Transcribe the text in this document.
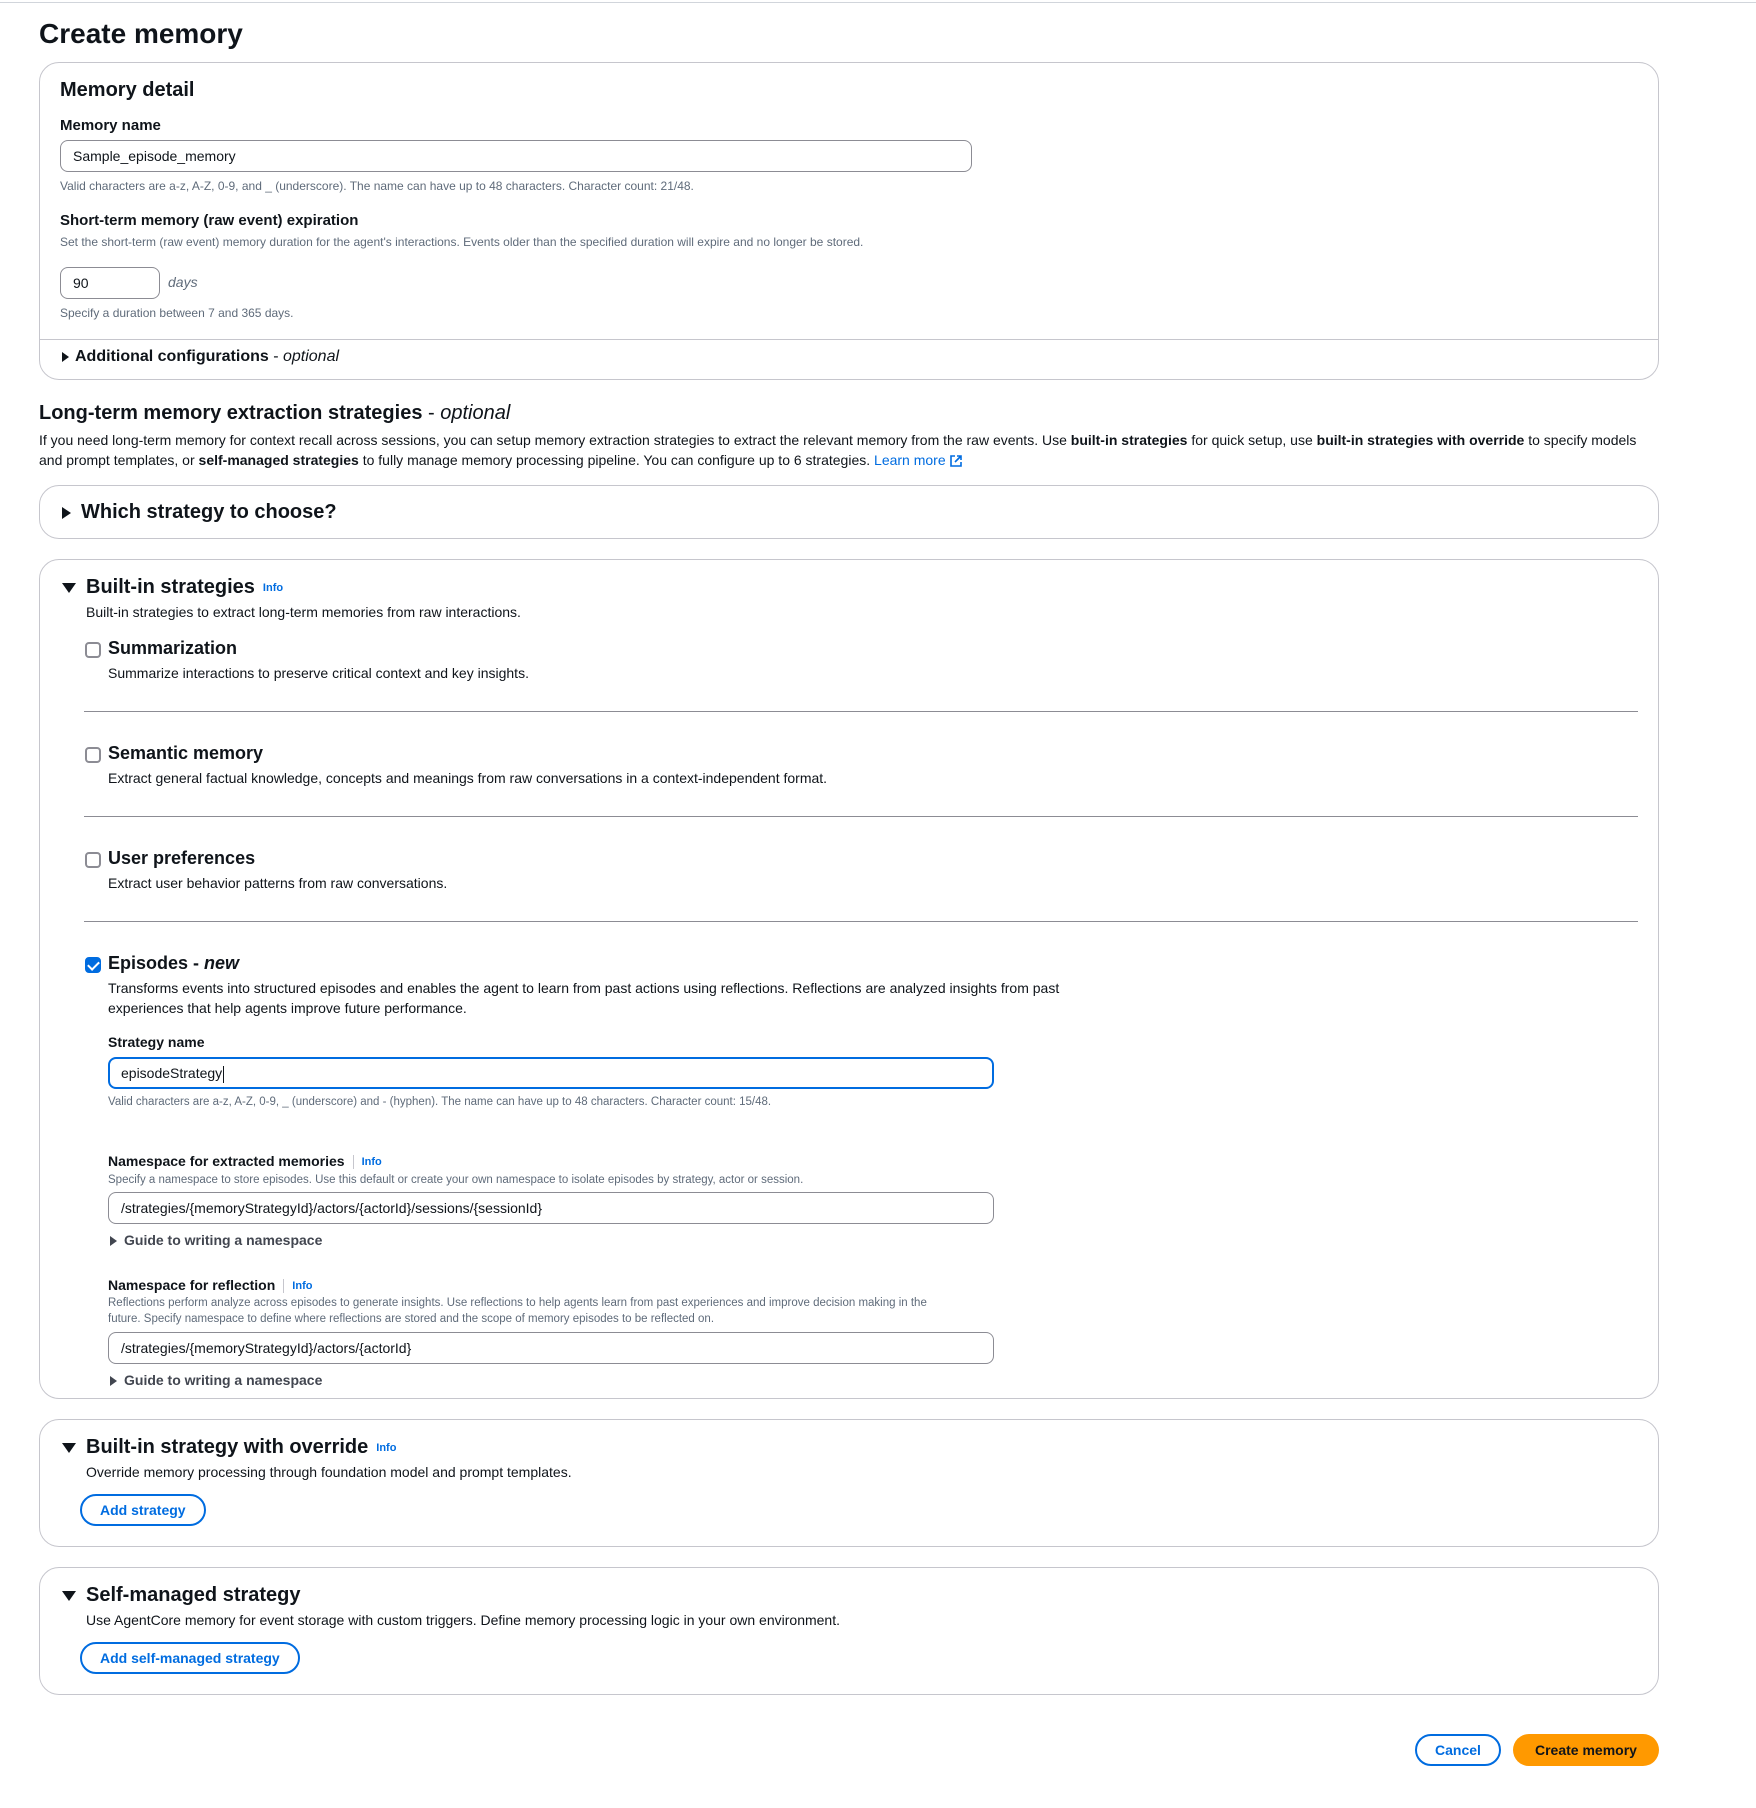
Create memory
Memory detail
Memory name
Sample_episode_memory
Valid characters are a-z, A-Z, 0-9, and _ (underscore). The name can have up to 48 characters. Character count: 21/48.
Short-term memory (raw event) expiration
Set the short-term (raw event) memory duration for the agent's interactions. Events older than the specified duration will expire and no longer be stored.
90	days
Specify a duration between 7 and 365 days.
Additional configurations - optional
Long-term memory extraction strategies - optional
If you need long-term memory for context recall across sessions, you can setup memory extraction strategies to extract the relevant memory from the raw events. Use built-in strategies for quick setup, use built-in strategies with override to specify models and prompt templates, or self-managed strategies to fully manage memory processing pipeline. You can configure up to 6 strategies. Learn more
Which strategy to choose?
Built-in strategies Info
Built-in strategies to extract long-term memories from raw interactions.
Summarization
Summarize interactions to preserve critical context and key insights.
Semantic memory
Extract general factual knowledge, concepts and meanings from raw conversations in a context-independent format.
User preferences
Extract user behavior patterns from raw conversations.
Episodes - new
Transforms events into structured episodes and enables the agent to learn from past actions using reflections. Reflections are analyzed insights from past
experiences that help agents improve future performance.
Strategy name
episodeStrategy
Valid characters are a-z, A-Z, 0-9, _ (underscore) and - (hyphen). The name can have up to 48 characters. Character count: 15/48.
Namespace for extracted memories Info
Specify a namespace to store episodes. Use this default or create your own namespace to isolate episodes by strategy, actor or session.
/strategies/{memoryStrategyId}/actors/{actorId}/sessions/{sessionId}
Guide to writing a namespace
Namespace for reflection Info
Reflections perform analyze across episodes to generate insights. Use reflections to help agents learn from past experiences and improve decision making in the
future. Specify namespace to define where reflections are stored and the scope of memory episodes to be reflected on.
/strategies/{memoryStrategyId}/actors/{actorId}
Guide to writing a namespace
Built-in strategy with override Info
Override memory processing through foundation model and prompt templates.
Add strategy
Self-managed strategy
Use AgentCore memory for event storage with custom triggers. Define memory processing logic in your own environment.
Add self-managed strategy
Cancel	Create memory
